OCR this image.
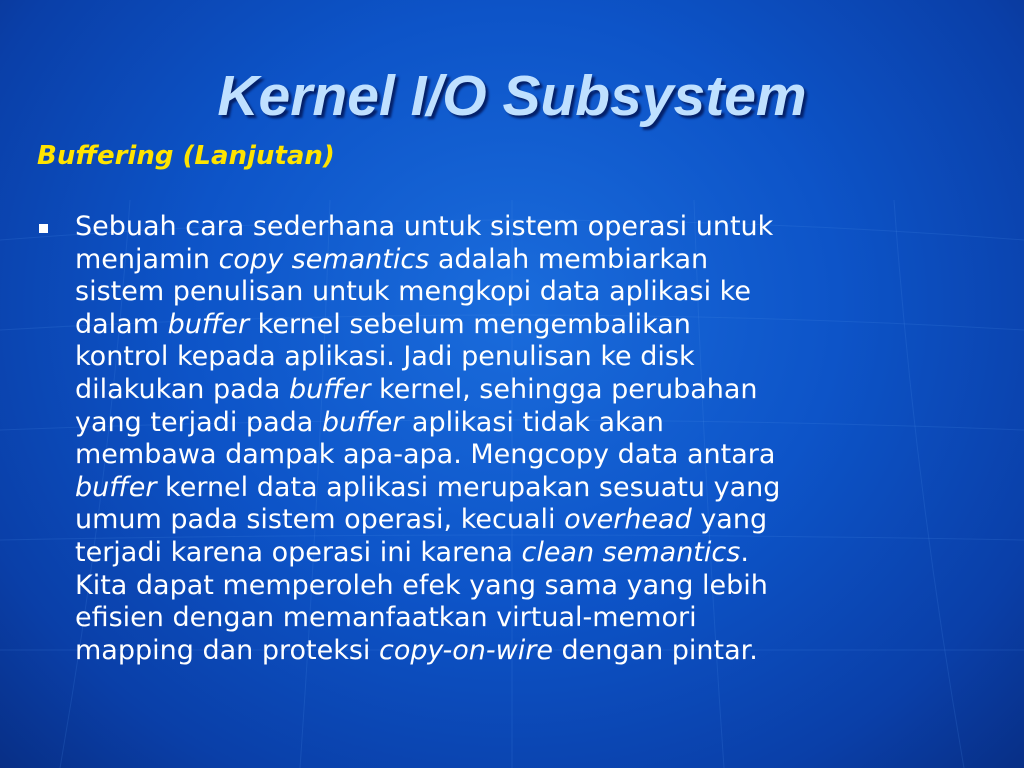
Kernel I/O Subsystem

Buffering (Lanjutan)

Sebuah cara sederhana untuk sistem operasi untuk
menjamin copy semantics adalah membiarkan
sistem penulisan untuk mengkopi data aplikasi ke
dalam buffer kernel sebelum mengembalikan
kontrol kepada aplikasi. Jadi penulisan ke disk
dilakukan pada buffer kernel, sehingga perubahan
yang terjadi pada buffer aplikasi tidak akan
membawa dampak apa-apa. Mengcopy data antara
buffer kernel data aplikasi merupakan sesuatu yang
umum pada sistem operasi, kecuali overhead yang
terjadi karena operasi ini karena clean semantics.
Kita dapat memperoleh efek yang sama yang lebih
efisien dengan memanfaatkan virtual-memori
mapping dan proteksi copy-on-wire dengan pintar.
